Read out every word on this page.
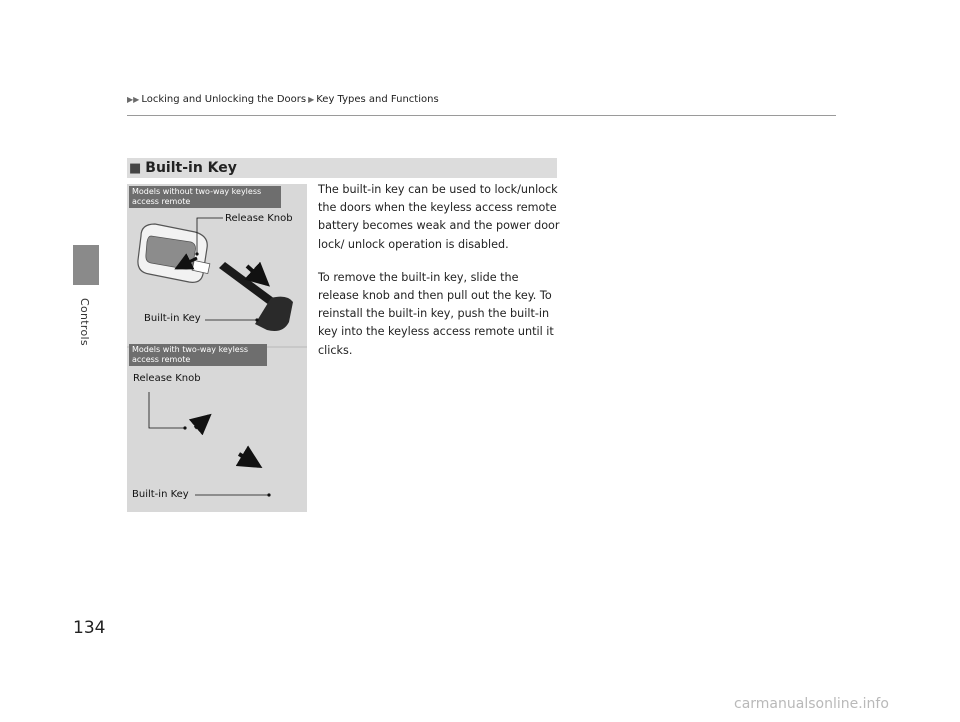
Controls
134
▶▶ Locking and Unlocking the Doors ▶ Key Types and Functions
■ Built-in Key

The built-in key can be used to lock/unlock the doors when the keyless access remote battery becomes weak and the power door lock/ unlock operation is disabled.

To remove the built-in key, slide the release knob and then pull out the key. To reinstall the built-in key, push the built-in key into the keyless access remote until it clicks.

Models without two-way keyless access remote
Release Knob
Built-in Key
Models with two-way keyless access remote
Release Knob
Built-in Key
carmanualsonline.info
